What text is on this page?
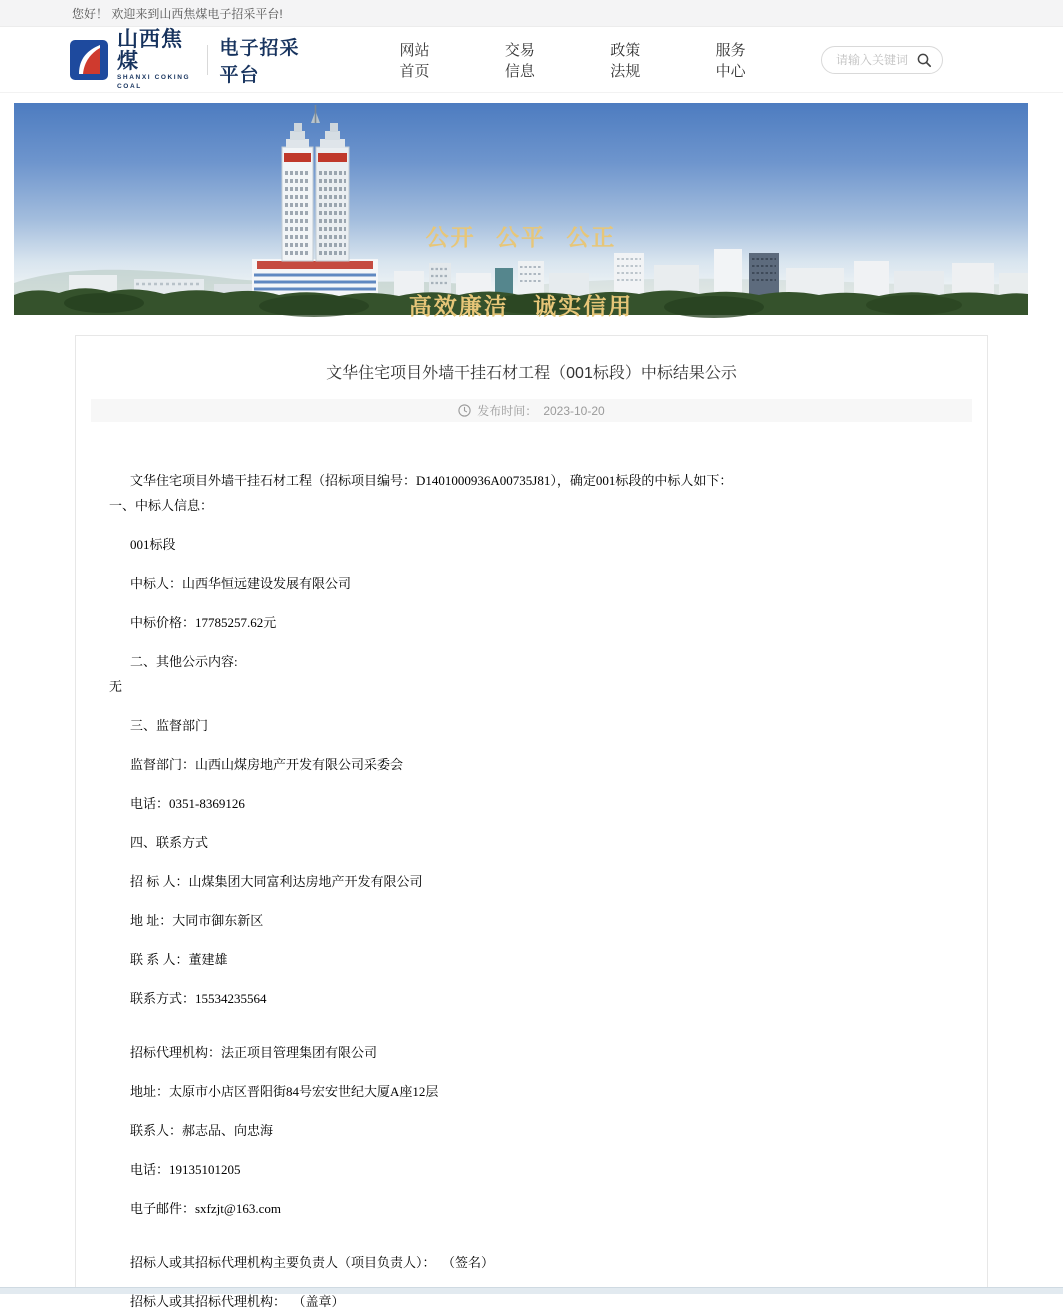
您好！ 欢迎来到山西焦煤电子招采平台!
山西焦煤
SHANXI COKING COAL
电子招采平台
网站首页
交易信息
政策法规
服务中心
请输入关键词

公开 公平 公正

高效廉洁 诚实信用

文华住宅项目外墙干挂石材工程（001标段）中标结果公示
发布时间： 2023-10-20
文华住宅项目外墙干挂石材工程（招标项目编号：D1401000936A00735J81），确定001标段的中标人如下：
一、中标人信息：
001标段
中标人：山西华恒远建设发展有限公司
中标价格：17785257.62元
二、其他公示内容:
无
三、监督部门
监督部门：山西山煤房地产开发有限公司采委会
电话：0351-8369126
四、联系方式
招 标 人：山煤集团大同富利达房地产开发有限公司
地 址：大同市御东新区
联 系 人：董建雄
联系方式：15534235564
招标代理机构：法正项目管理集团有限公司
地址：太原市小店区晋阳街84号宏安世纪大厦A座12层
联系人：郝志品、向忠海
电话：19135101205
电子邮件：sxfzjt@163.com
招标人或其招标代理机构主要负责人（项目负责人）：  （签名）
招标人或其招标代理机构：  （盖章）
